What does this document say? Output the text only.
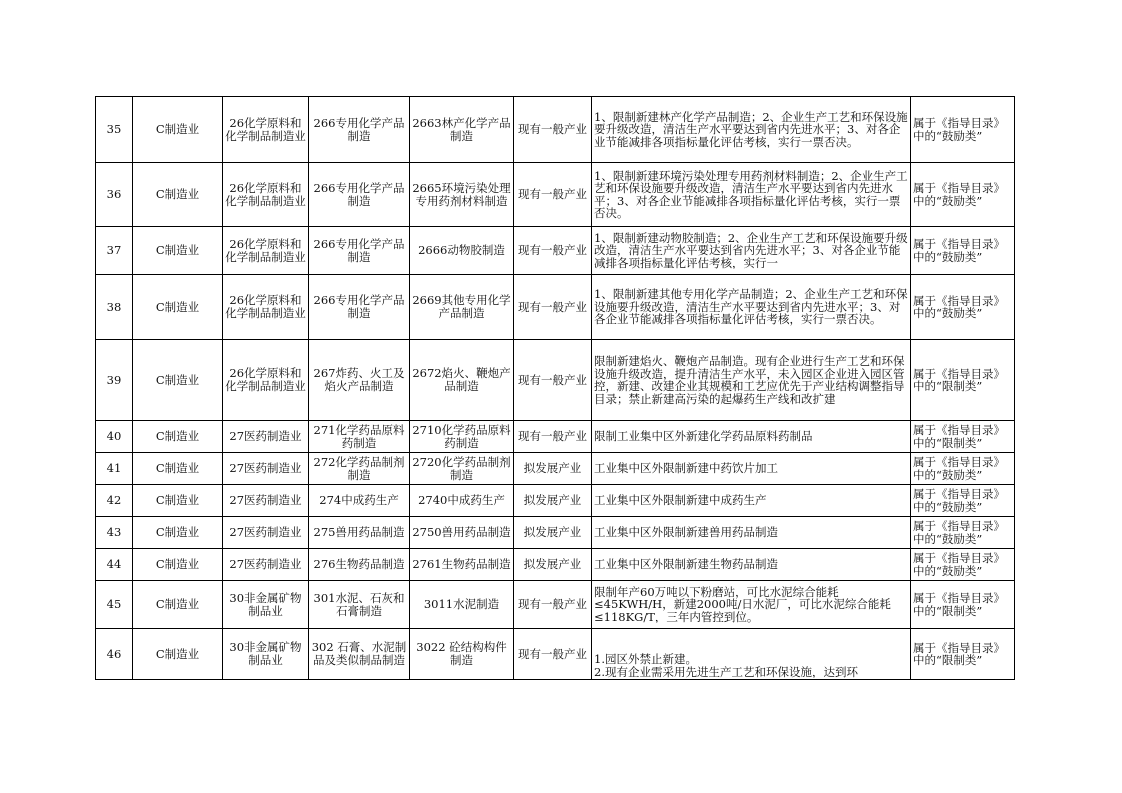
35	C制造业	26化学原料和化学制品制造业	266专用化学产品制造	2663林产化学产品制造	现有一般产业	1、限制新建林产化学产品制造；2、企业生产工艺和环保设施要升级改造，清洁生产水平要达到省内先进水平；3、对各企业节能减排各项指标量化评估考核，实行一票否决。	属于《指导目录》中的“鼓励类”

36	C制造业	26化学原料和化学制品制造业	266专用化学产品制造	2665环境污染处理专用药剂材料制造	现有一般产业	1、限制新建环境污染处理专用药剂材料制造；2、企业生产工艺和环保设施要升级改造，清洁生产水平要达到省内先进水平；3、对各企业节能减排各项指标量化评估考核，实行一票否决。	属于《指导目录》中的“鼓励类”

37	C制造业	26化学原料和化学制品制造业	266专用化学产品制造	2666动物胶制造	现有一般产业	1、限制新建动物胶制造；2、企业生产工艺和环保设施要升级改造，清洁生产水平要达到省内先进水平；3、对各企业节能减排各项指标量化评估考核，实行一	属于《指导目录》中的“鼓励类”

38	C制造业	26化学原料和化学制品制造业	266专用化学产品制造	2669其他专用化学产品制造	现有一般产业	1、限制新建其他专用化学产品制造；2、企业生产工艺和环保设施要升级改造，清洁生产水平要达到省内先进水平；3、对各企业节能减排各项指标量化评估考核，实行一票否决。	属于《指导目录》中的“鼓励类”

39	C制造业	26化学原料和化学制品制造业	267炸药、火工及焰火产品制造	2672焰火、鞭炮产品制造	现有一般产业	限制新建焰火、鞭炮产品制造。现有企业进行生产工艺和环保设施升级改造，提升清洁生产水平，未入园区企业进入园区管控，新建、改建企业其规模和工艺应优先于产业结构调整指导目录；禁止新建高污染的起爆药生产线和改扩建	属于《指导目录》中的“限制类”

40	C制造业	27医药制造业	271化学药品原料药制造	2710化学药品原料药制造	现有一般产业	限制工业集中区外新建化学药品原料药制品	属于《指导目录》中的“限制类”

41	C制造业	27医药制造业	272化学药品制剂制造	2720化学药品制剂制造	拟发展产业	工业集中区外限制新建中药饮片加工	属于《指导目录》中的“鼓励类”

42	C制造业	27医药制造业	274中成药生产	2740中成药生产	拟发展产业	工业集中区外限制新建中成药生产	属于《指导目录》中的“鼓励类”

43	C制造业	27医药制造业	275兽用药品制造	2750兽用药品制造	拟发展产业	工业集中区外限制新建兽用药品制造	属于《指导目录》中的“鼓励类”

44	C制造业	27医药制造业	276生物药品制造	2761生物药品制造	拟发展产业	工业集中区外限制新建生物药品制造	属于《指导目录》中的“鼓励类”

45	C制造业	30非金属矿物制品业	301水泥、石灰和石膏制造	3011水泥制造	现有一般产业	限制年产60万吨以下粉磨站，可比水泥综合能耗≤45KWH/H，新建2000吨/日水泥厂，可比水泥综合能耗≤118KG/T，三年内管控到位。	属于《指导目录》中的“限制类”

46	C制造业	30非金属矿物制品业	302 石膏、水泥制品及类似制品制造	3022 砼结构构件制造	现有一般产业	1.园区外禁止新建。
2.现有企业需采用先进生产工艺和环保设施，达到环	属于《指导目录》中的“限制类”
